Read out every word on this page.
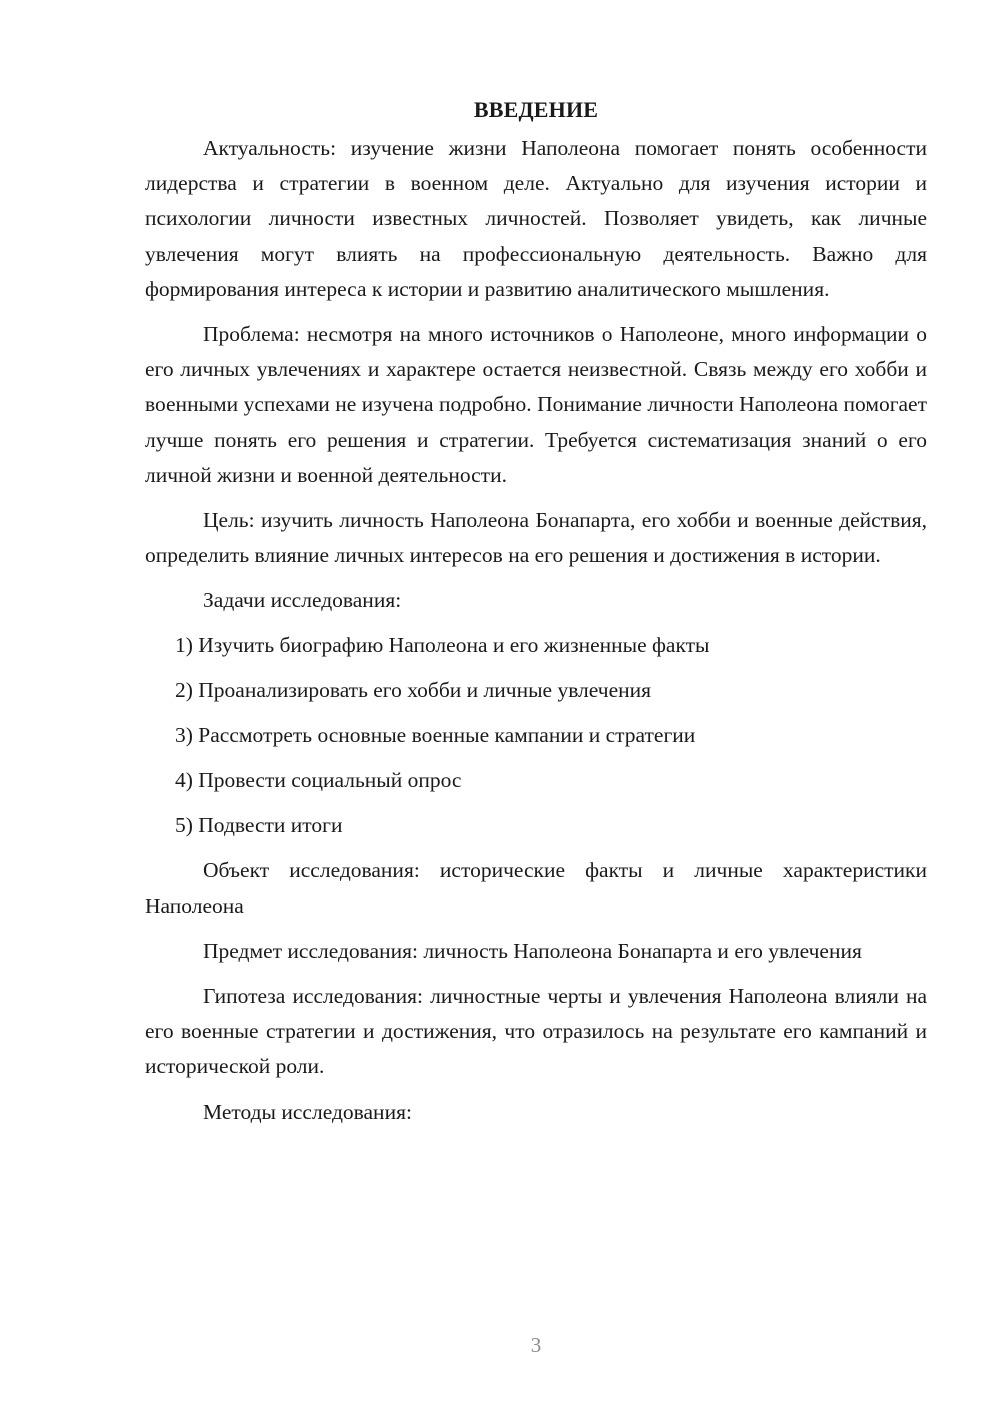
ВВЕДЕНИЕ

Актуальность: изучение жизни Наполеона помогает понять особенности лидерства и стратегии в военном деле. Актуально для изучения истории и психологии личности известных личностей. Позволяет увидеть, как личные увлечения могут влиять на профессиональную деятельность. Важно для формирования интереса к истории и развитию аналитического мышления.

Проблема: несмотря на много источников о Наполеоне, много информации о его личных увлечениях и характере остается неизвестной. Связь между его хобби и военными успехами не изучена подробно. Понимание личности Наполеона помогает лучше понять его решения и стратегии. Требуется систематизация знаний о его личной жизни и военной деятельности.

Цель: изучить личность Наполеона Бонапарта, его хобби и военные действия, определить влияние личных интересов на его решения и достижения в истории.

Задачи исследования:
1) Изучить биографию Наполеона и его жизненные факты
2) Проанализировать его хобби и личные увлечения
3) Рассмотреть основные военные кампании и стратегии
4) Провести социальный опрос
5) Подвести итоги

Объект исследования: исторические факты и личные характеристики Наполеона

Предмет исследования: личность Наполеона Бонапарта и его увлечения

Гипотеза исследования: личностные черты и увлечения Наполеона влияли на его военные стратегии и достижения, что отразилось на результате его кампаний и исторической роли.

Методы исследования:
3
